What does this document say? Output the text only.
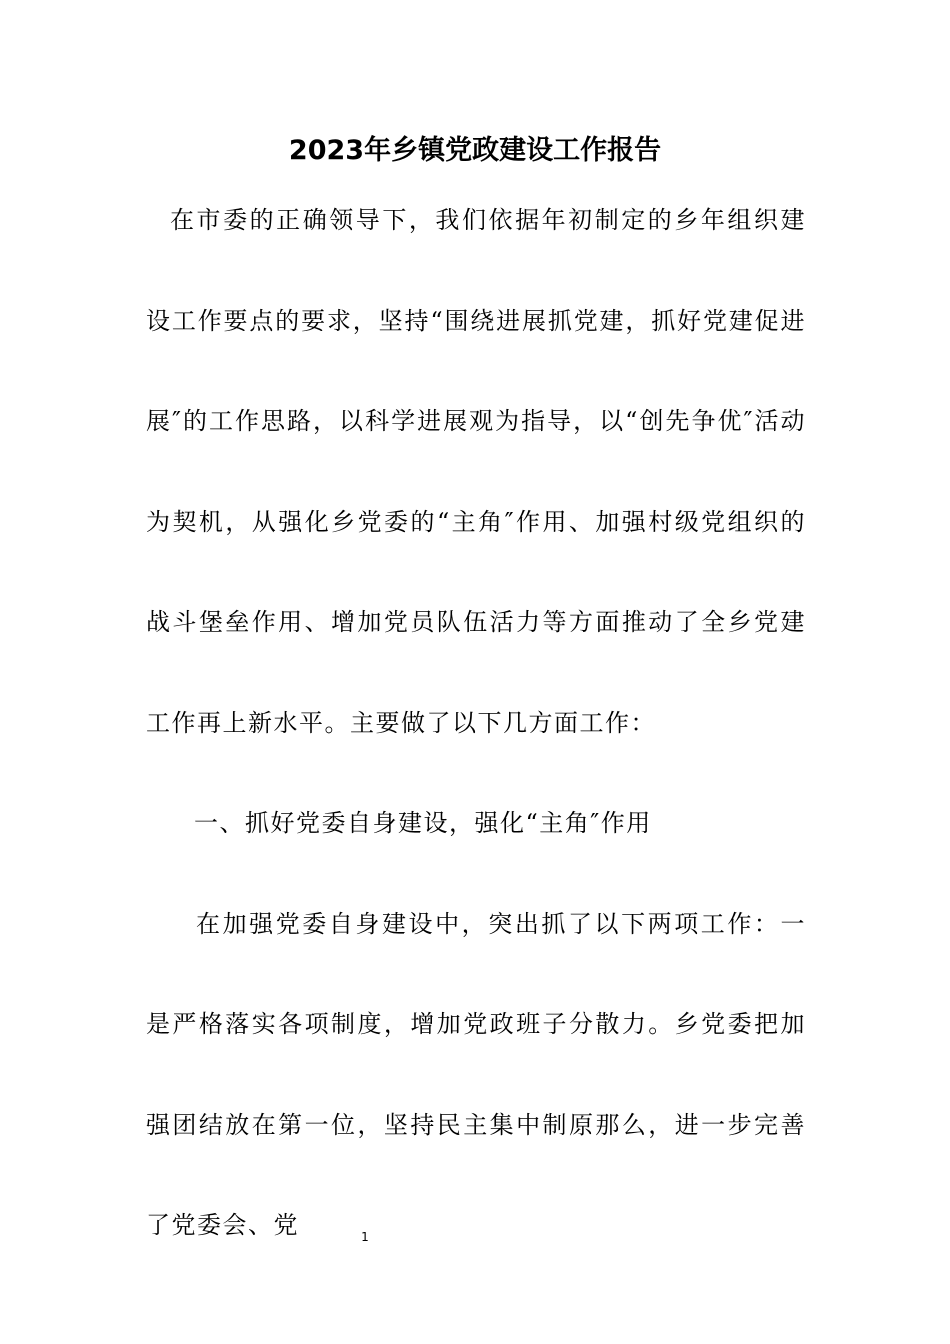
2023年乡镇党政建设工作报告

在市委的正确领导下，我们依据年初制定的乡年组织建设工作要点的要求，坚持“围绕进展抓党建，抓好党建促进展″的工作思路，以科学进展观为指导，以“创先争优″活动为契机，从强化乡党委的“主角″作用、加强村级党组织的战斗堡垒作用、增加党员队伍活力等方面推动了全乡党建工作再上新水平。主要做了以下几方面工作：

一、抓好党委自身建设，强化“主角″作用

在加强党委自身建设中，突出抓了以下两项工作：一是严格落实各项制度，增加党政班子分散力。乡党委把加强团结放在第一位，坚持民主集中制原那么，进一步完善了党委会、党	1
